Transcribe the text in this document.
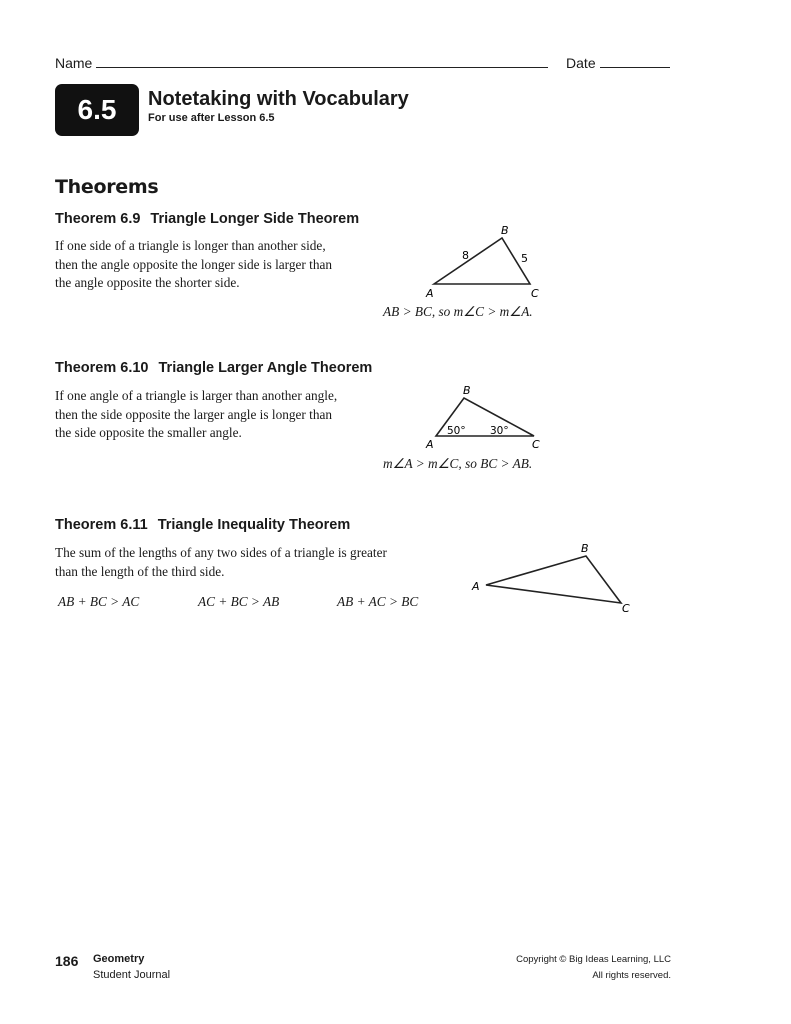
Name	Date
6.5	Notetaking with Vocabulary
For use after Lesson 6.5
Theorems
Theorem 6.9 Triangle Longer Side Theorem
If one side of a triangle is longer than another side,
then the angle opposite the longer side is larger than
the angle opposite the shorter side.
A
B
C
8	5
AB > BC, so m∠C > m∠A.
Theorem 6.10 Triangle Larger Angle Theorem
If one angle of a triangle is larger than another angle,
then the side opposite the larger angle is longer than
the side opposite the smaller angle.
A
B
C
50° 30°
m∠A > m∠C, so BC > AB.
Theorem 6.11 Triangle Inequality Theorem
The sum of the lengths of any two sides of a triangle is greater
than the length of the third side.
AB + BC > AC	AC + BC > AB	AB + AC > BC
A
B
C
186 Geometry
Student Journal
Copyright © Big Ideas Learning, LLC
All rights reserved.
